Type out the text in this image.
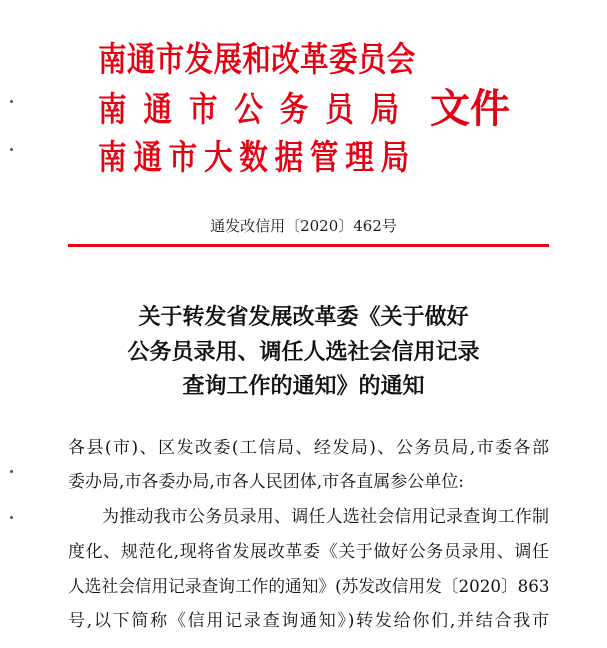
南通市发展和改革委员会
南通市公务员局
南通市大数据管理局
文件
通发改信用〔2020〕462号
关于转发省发展改革委《关于做好
公务员录用、调任人选社会信用记录
查询工作的通知》的通知
各县(市)、区发改委(工信局、经发局)、公务员局,市委各部
委办局,市各委办局,市各人民团体,市各直属参公单位:
为推动我市公务员录用、调任人选社会信用记录查询工作制
度化、规范化,现将省发展改革委《关于做好公务员录用、调任
人选社会信用记录查询工作的通知》(苏发改信用发〔2020〕863
号,以下简称《信用记录查询通知》)转发给你们,并结合我市
